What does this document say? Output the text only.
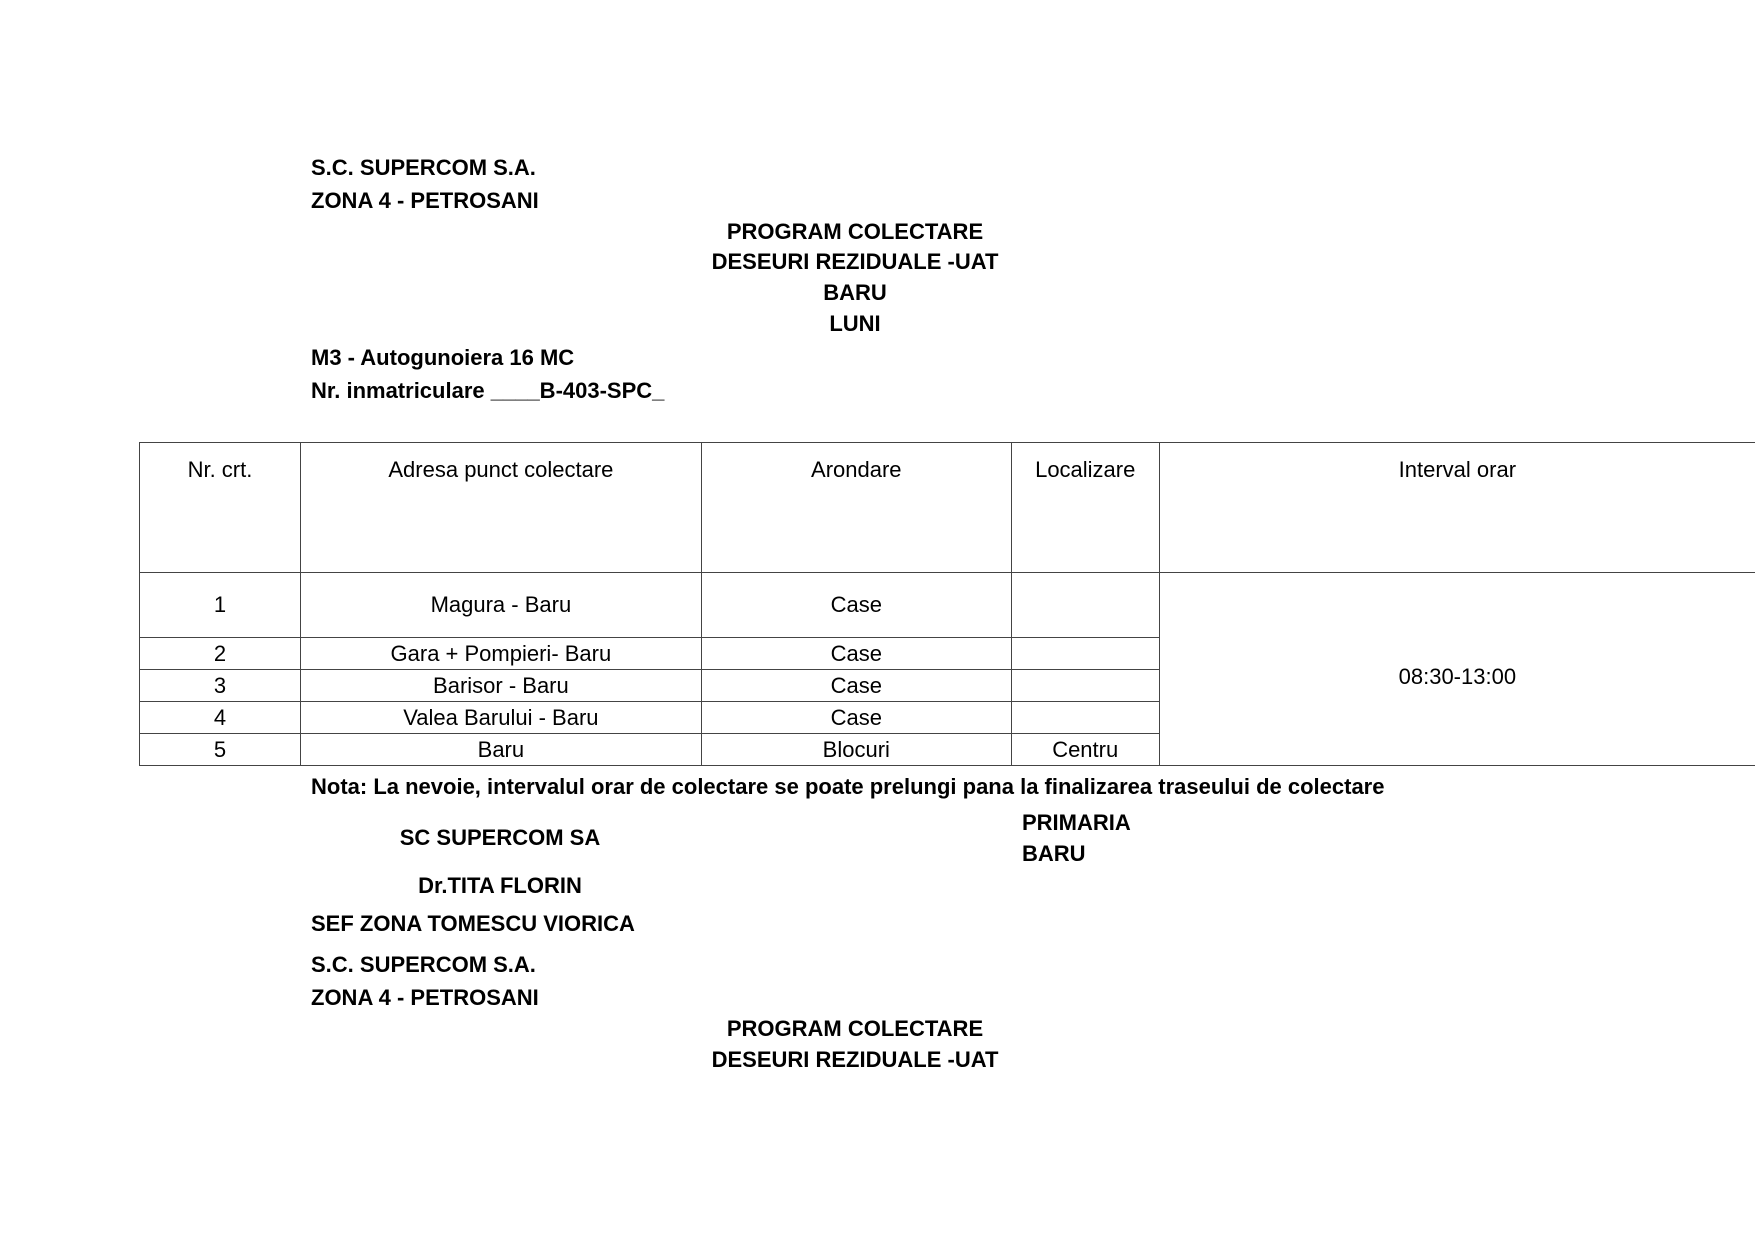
S.C. SUPERCOM S.A.
ZONA 4 - PETROSANI
PROGRAM COLECTARE
DESEURI REZIDUALE -UAT
BARU
LUNI
M3 - Autogunoiera 16 MC
Nr. inmatriculare ____B-403-SPC_
Nr. crt.	Adresa punct colectare	Arondare	Localizare	Interval orar
1	Magura - Baru	Case		08:30-13:00
2	Gara + Pompieri- Baru	Case		
3	Barisor - Baru	Case		
4	Valea Barului - Baru	Case		
5	Baru	Blocuri	Centru	
Nota: La nevoie, intervalul orar de colectare se poate prelungi pana la finalizarea traseului de colectare
SC SUPERCOM SA
Dr.TITA FLORIN
SEF ZONA TOMESCU VIORICA
PRIMARIA
BARU
S.C. SUPERCOM S.A.
ZONA 4 - PETROSANI
PROGRAM COLECTARE
DESEURI REZIDUALE -UAT
